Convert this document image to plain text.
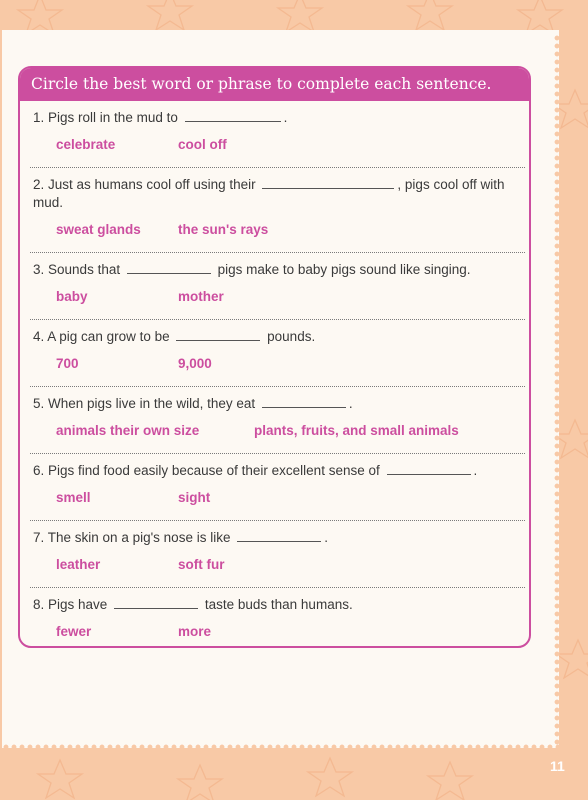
Circle the best word or phrase to complete each sentence.
1. Pigs roll in the mud to	.
celebrate	cool off
2. Just as humans cool off using their	, pigs cool off with mud.
sweat glands	the sun's rays
3. Sounds that	pigs make to baby pigs sound like singing.
baby	mother
4. A pig can grow to be	pounds.
700	9,000
5. When pigs live in the wild, they eat	.
animals their own size	plants, fruits, and small animals
6. Pigs find food easily because of their excellent sense of	.
smell	sight
7. The skin on a pig's nose is like	.
leather	soft fur
8. Pigs have	taste buds than humans.
fewer	more
11
